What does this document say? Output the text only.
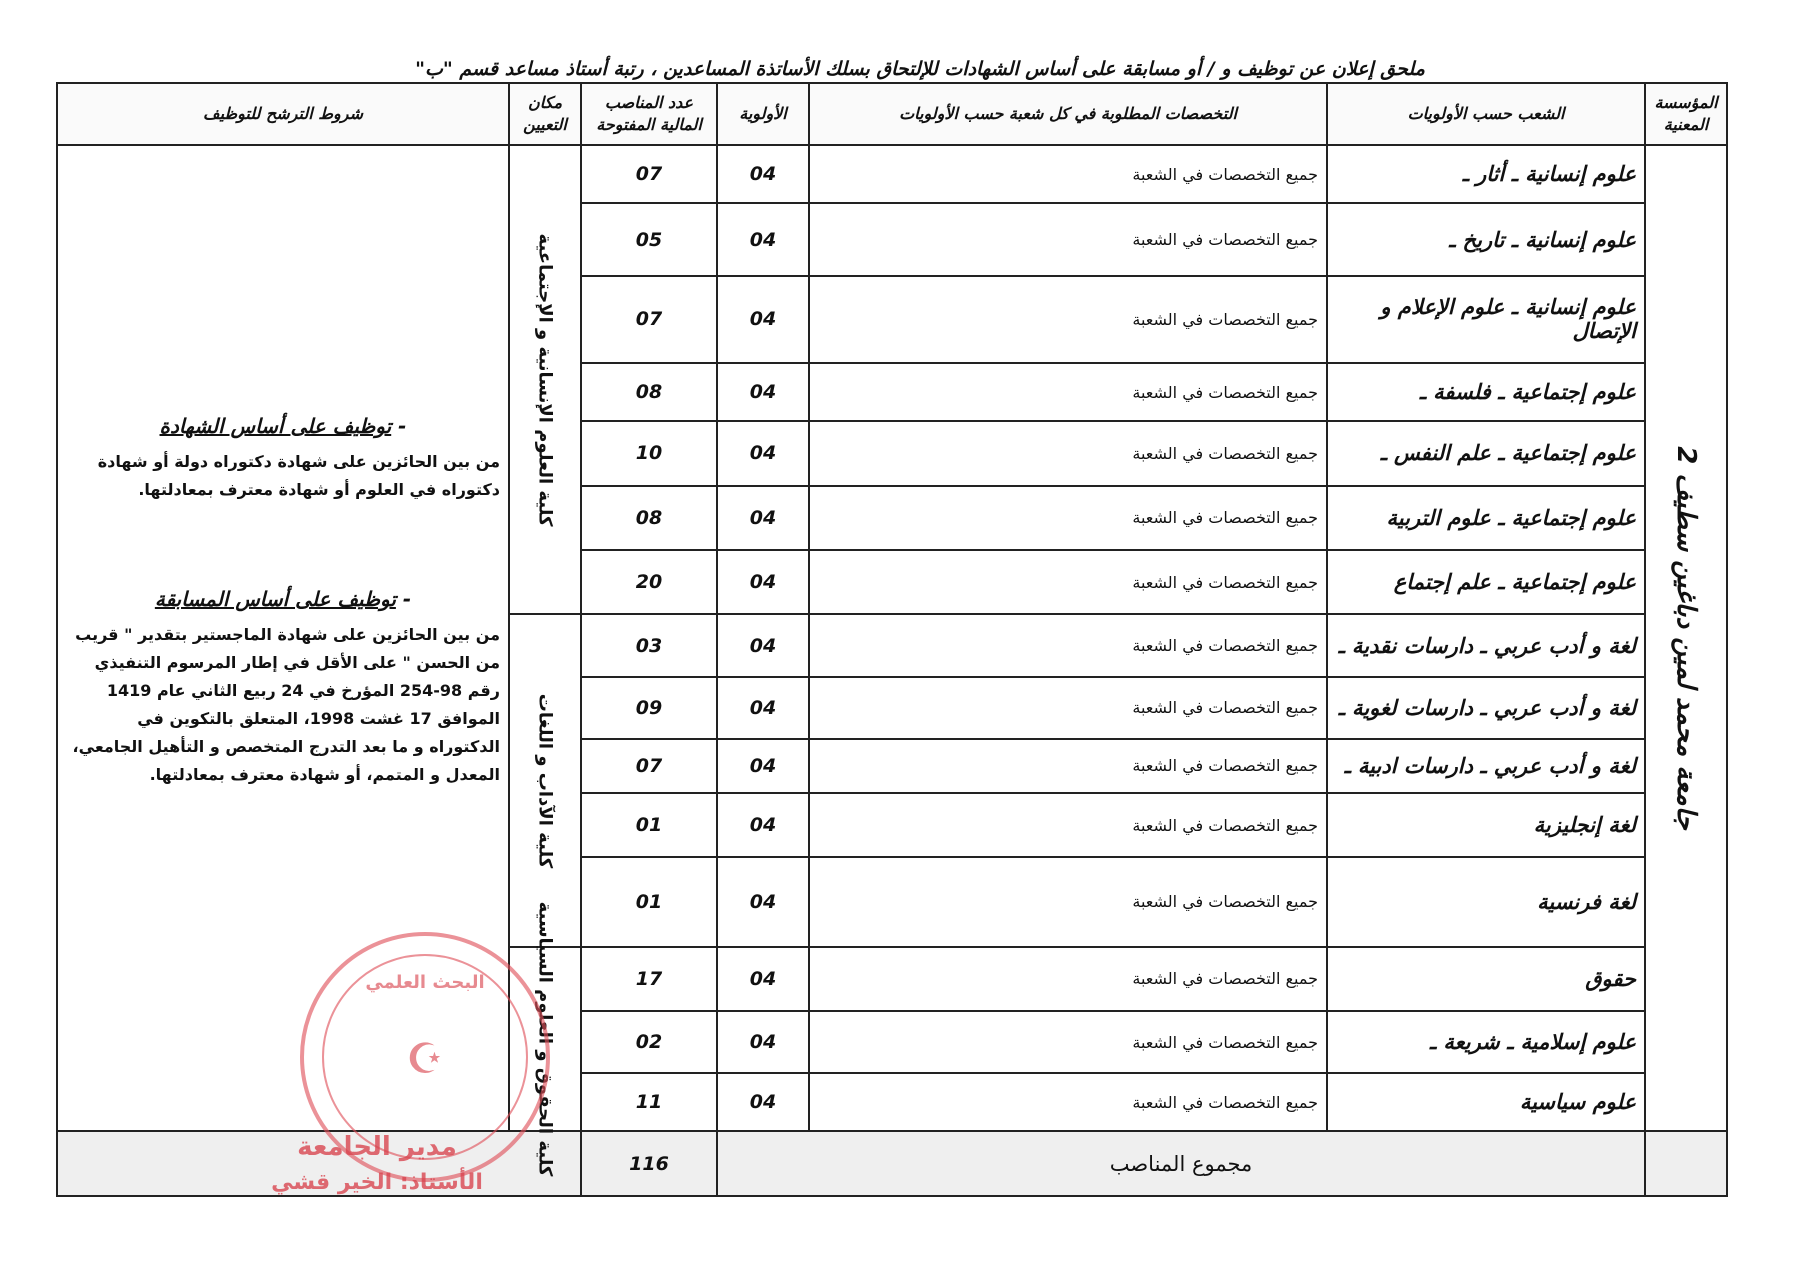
ملحق إعلان عن توظيف و / أو مسابقة على أساس الشهادات للإلتحاق بسلك الأساتذة المساعدين ، رتبة أستاذ مساعد قسم "ب"
المؤسسة المعنية	الشعب حسب الأولويات	التخصصات المطلوبة في كل شعبة حسب الأولويات	الأولوية	عدد المناصب المالية المفتوحة	مكان التعيين	شروط الترشح للتوظيف

جامعة محمد لمين دباغين سطيف 2	علوم إنسانية ـ أثار ـ	جميع التخصصات في الشعبة	04	07	كلية العلوم الإنسانية و الإجتماعية	- توظيف على أساس الشهادة

من بين الحائزين على شهادة دكتوراه دولة أو شهادة دكتوراه في العلوم أو شهادة معترف بمعادلتها.

- توظيف على أساس المسابقة

من بين الحائزين على شهادة الماجستير بتقدير " قريب من الحسن " على الأقل في إطار المرسوم التنفيذي رقم 98-254 المؤرخ في 24 ربيع الثاني عام 1419 الموافق 17 غشت 1998، المتعلق بالتكوين في الدكتوراه و ما بعد التدرج المتخصص و التأهيل الجامعي، المعدل و المتمم، أو شهادة معترف بمعادلتها.

	علوم إنسانية ـ تاريخ ـ	جميع التخصصات في الشعبة	04	05		
	علوم إنسانية ـ علوم الإعلام و الإتصال	جميع التخصصات في الشعبة	04	07		
	علوم إجتماعية ـ فلسفة ـ	جميع التخصصات في الشعبة	04	08		
	علوم إجتماعية ـ علم النفس ـ	جميع التخصصات في الشعبة	04	10		
	علوم إجتماعية ـ علوم التربية	جميع التخصصات في الشعبة	04	08		
	علوم إجتماعية ـ علم إجتماع	جميع التخصصات في الشعبة	04	20		
	لغة و أدب عربي ـ دارسات نقدية ـ	جميع التخصصات في الشعبة	04	03	كلية الآداب و اللغات	

	لغة و أدب عربي ـ دارسات لغوية ـ	جميع التخصصات في الشعبة	04	09		
	لغة و أدب عربي ـ دارسات ادبية ـ	جميع التخصصات في الشعبة	04	07		
	لغة إنجليزية	جميع التخصصات في الشعبة	04	01		
	لغة فرنسية	جميع التخصصات في الشعبة	04	01		
	حقوق	جميع التخصصات في الشعبة	04	17	كلية الحقوق و العلوم السياسية	

	علوم إسلامية ـ شريعة ـ	جميع التخصصات في الشعبة	04	02		
	علوم سياسية	جميع التخصصات في الشعبة	04	11		
	مجموع المناصب			116		
البحث العلمي
☪
مدير الجامعة
الأستاذ: الخير قشي
